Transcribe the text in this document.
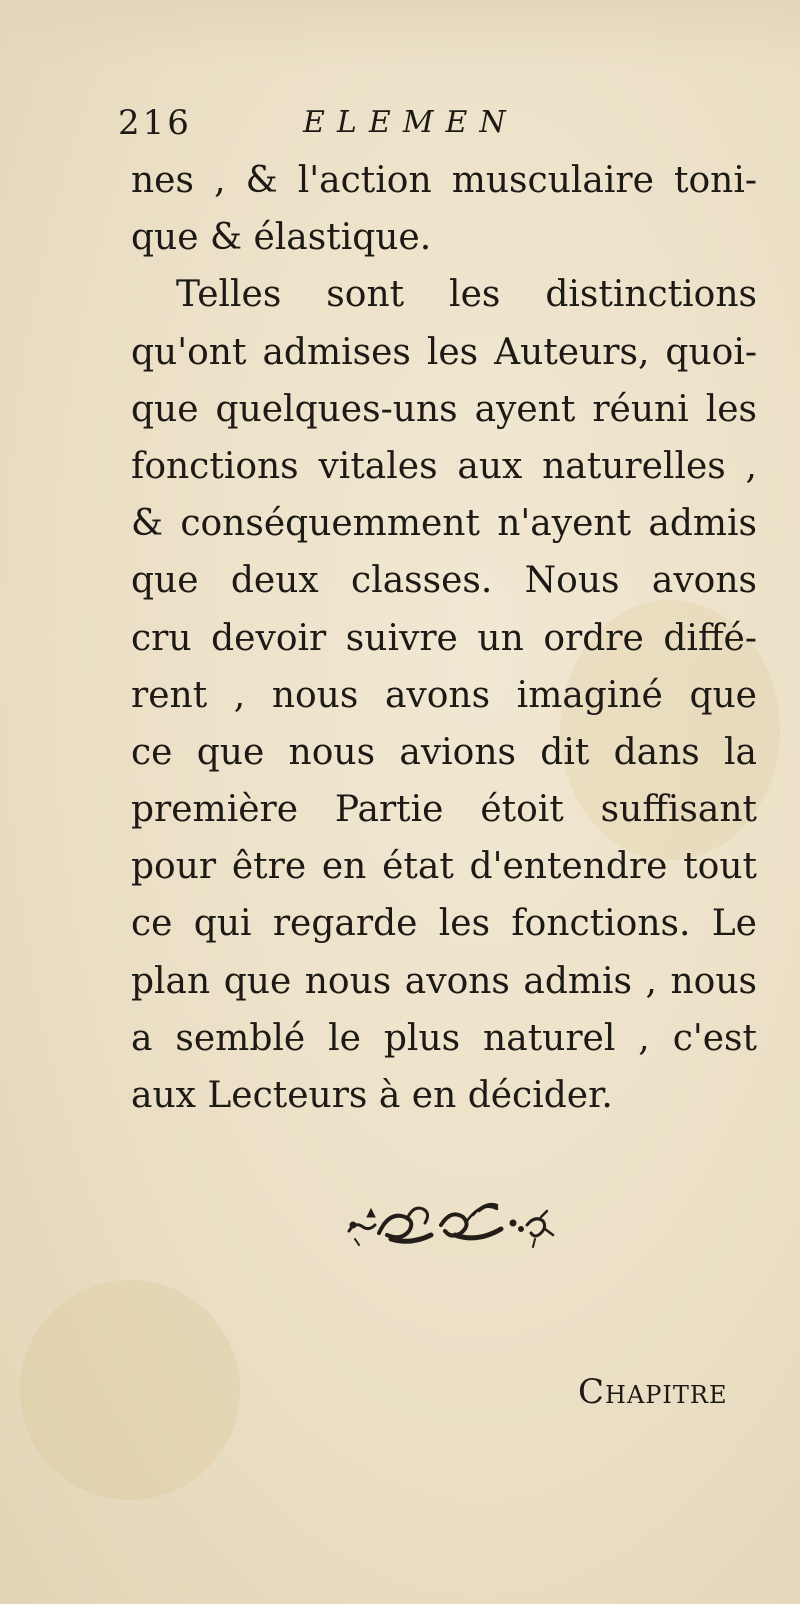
216	ELEMEN
nes , & l'action musculaire toni-
que & élastique.
Telles sont les distinctions
qu'ont admises les Auteurs, quoi-
que quelques-uns ayent réuni les
fonctions vitales aux naturelles ,
& conséquemment n'ayent admis
que deux classes. Nous avons
cru devoir suivre un ordre diffé-
rent , nous avons imaginé que
ce que nous avions dit dans la
première Partie étoit suffisant
pour être en état d'entendre tout
ce qui regarde les fonctions. Le
plan que nous avons admis , nous
a semblé le plus naturel , c'est
aux Lecteurs à en décider.
Chapitre
